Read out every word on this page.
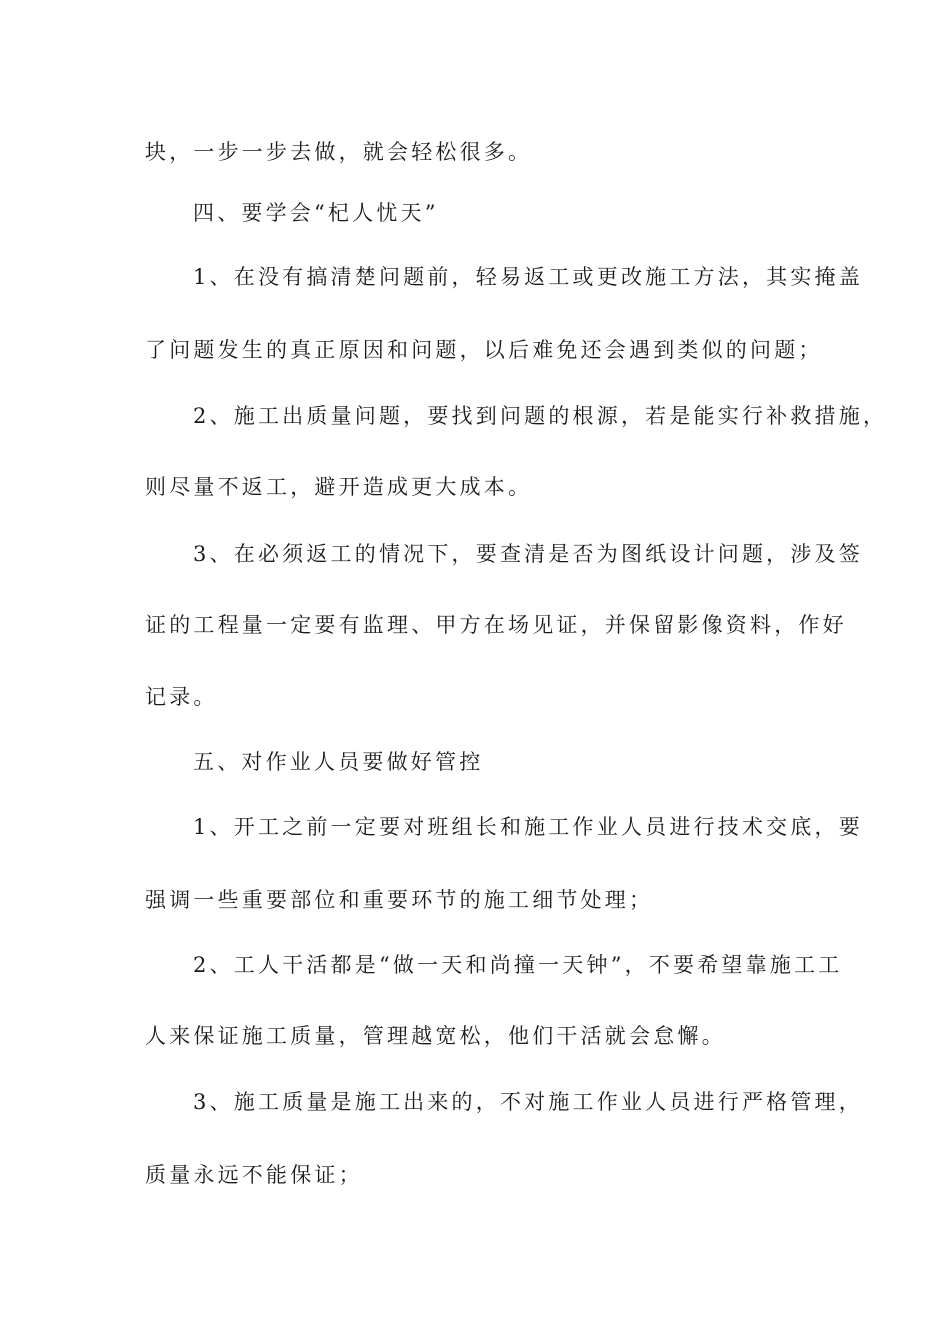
块，一步一步去做，就会轻松很多。
四、要学会“杞人忧天”
1、在没有搞清楚问题前，轻易返工或更改施工方法，其实掩盖
了问题发生的真正原因和问题，以后难免还会遇到类似的问题；
2、施工出质量问题，要找到问题的根源，若是能实行补救措施，
则尽量不返工，避开造成更大成本。
3、在必须返工的情况下，要查清是否为图纸设计问题，涉及签
证的工程量一定要有监理、甲方在场见证，并保留影像资料，作好
记录。
五、对作业人员要做好管控
1、开工之前一定要对班组长和施工作业人员进行技术交底，要
强调一些重要部位和重要环节的施工细节处理；
2、工人干活都是“做一天和尚撞一天钟”，不要希望靠施工工
人来保证施工质量，管理越宽松，他们干活就会怠懈。
3、施工质量是施工出来的，不对施工作业人员进行严格管理，
质量永远不能保证；
